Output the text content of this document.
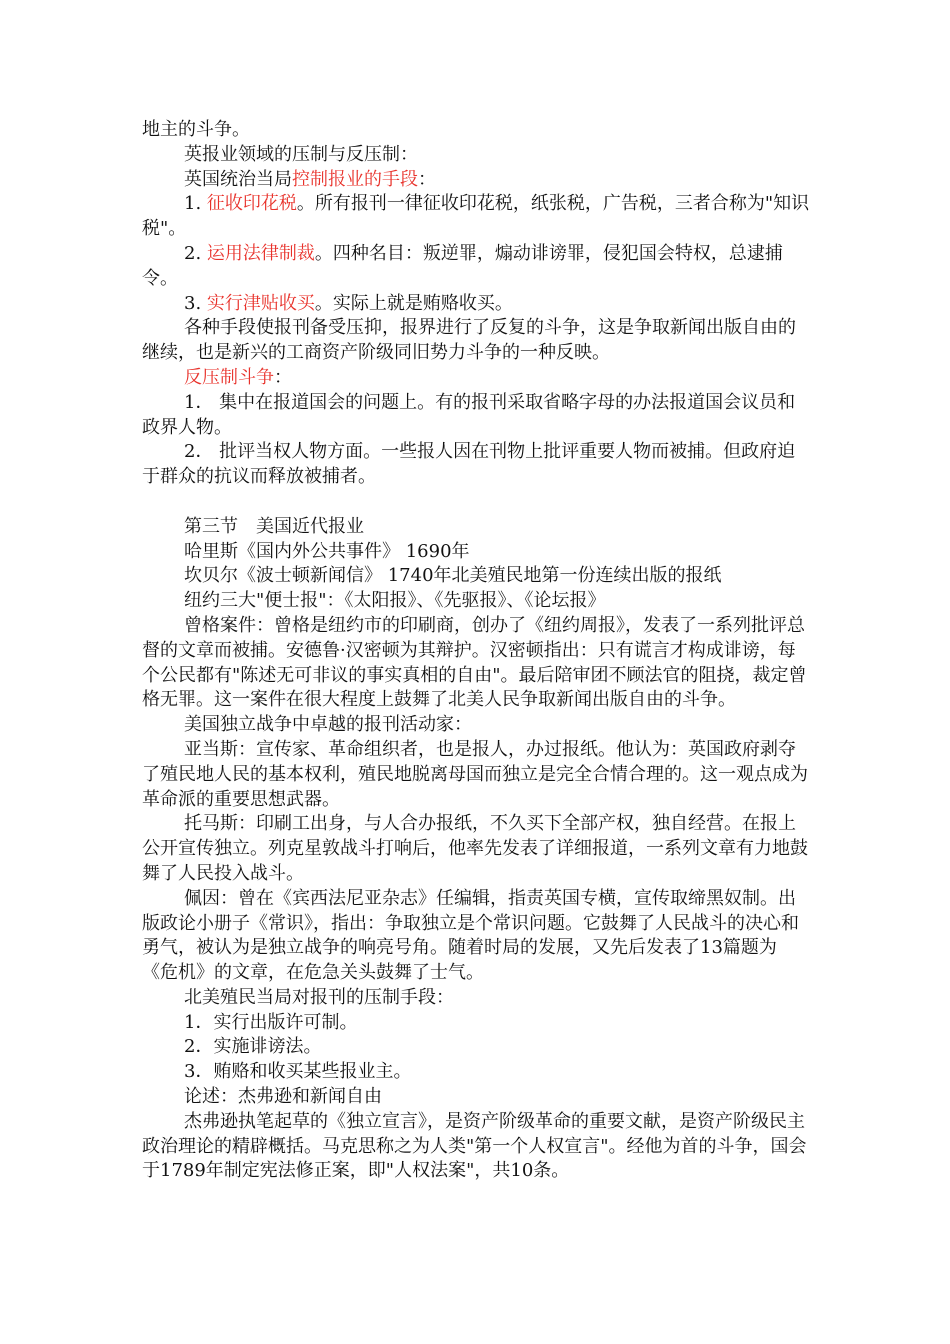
地主的斗争。

英报业领域的压制与反压制：

英国统治当局控制报业的手段：

1. 征收印花税。所有报刊一律征收印花税，纸张税，广告税，三者合称为"知识税"。

2. 运用法律制裁。四种名目：叛逆罪，煽动诽谤罪，侵犯国会特权，总逮捕令。

3. 实行津贴收买。实际上就是贿赂收买。

各种手段使报刊备受压抑，报界进行了反复的斗争，这是争取新闻出版自由的继续，也是新兴的工商资产阶级同旧势力斗争的一种反映。

反压制斗争：

1． 集中在报道国会的问题上。有的报刊采取省略字母的办法报道国会议员和政界人物。

2． 批评当权人物方面。一些报人因在刊物上批评重要人物而被捕。但政府迫于群众的抗议而释放被捕者。

第三节　美国近代报业

哈里斯《国内外公共事件》 1690年

坎贝尔《波士顿新闻信》 1740年北美殖民地第一份连续出版的报纸

纽约三大"便士报"：《太阳报》、《先驱报》、《论坛报》

曾格案件：曾格是纽约市的印刷商，创办了《纽约周报》，发表了一系列批评总督的文章而被捕。安德鲁·汉密顿为其辩护。汉密顿指出：只有谎言才构成诽谤，每个公民都有"陈述无可非议的事实真相的自由"。最后陪审团不顾法官的阻挠，裁定曾格无罪。这一案件在很大程度上鼓舞了北美人民争取新闻出版自由的斗争。

美国独立战争中卓越的报刊活动家：

亚当斯：宣传家、革命组织者，也是报人，办过报纸。他认为：英国政府剥夺了殖民地人民的基本权利，殖民地脱离母国而独立是完全合情合理的。这一观点成为革命派的重要思想武器。

托马斯：印刷工出身，与人合办报纸，不久买下全部产权，独自经营。在报上公开宣传独立。列克星敦战斗打响后，他率先发表了详细报道，一系列文章有力地鼓舞了人民投入战斗。

佩因：曾在《宾西法尼亚杂志》任编辑，指责英国专横，宣传取缔黑奴制。出版政论小册子《常识》，指出：争取独立是个常识问题。它鼓舞了人民战斗的决心和勇气，被认为是独立战争的响亮号角。随着时局的发展，又先后发表了13篇题为《危机》的文章，在危急关头鼓舞了士气。

北美殖民当局对报刊的压制手段：

1．实行出版许可制。

2．实施诽谤法。

3．贿赂和收买某些报业主。

论述：杰弗逊和新闻自由

杰弗逊执笔起草的《独立宣言》，是资产阶级革命的重要文献，是资产阶级民主政治理论的精辟概括。马克思称之为人类"第一个人权宣言"。经他为首的斗争，国会于1789年制定宪法修正案，即"人权法案"，共10条。
